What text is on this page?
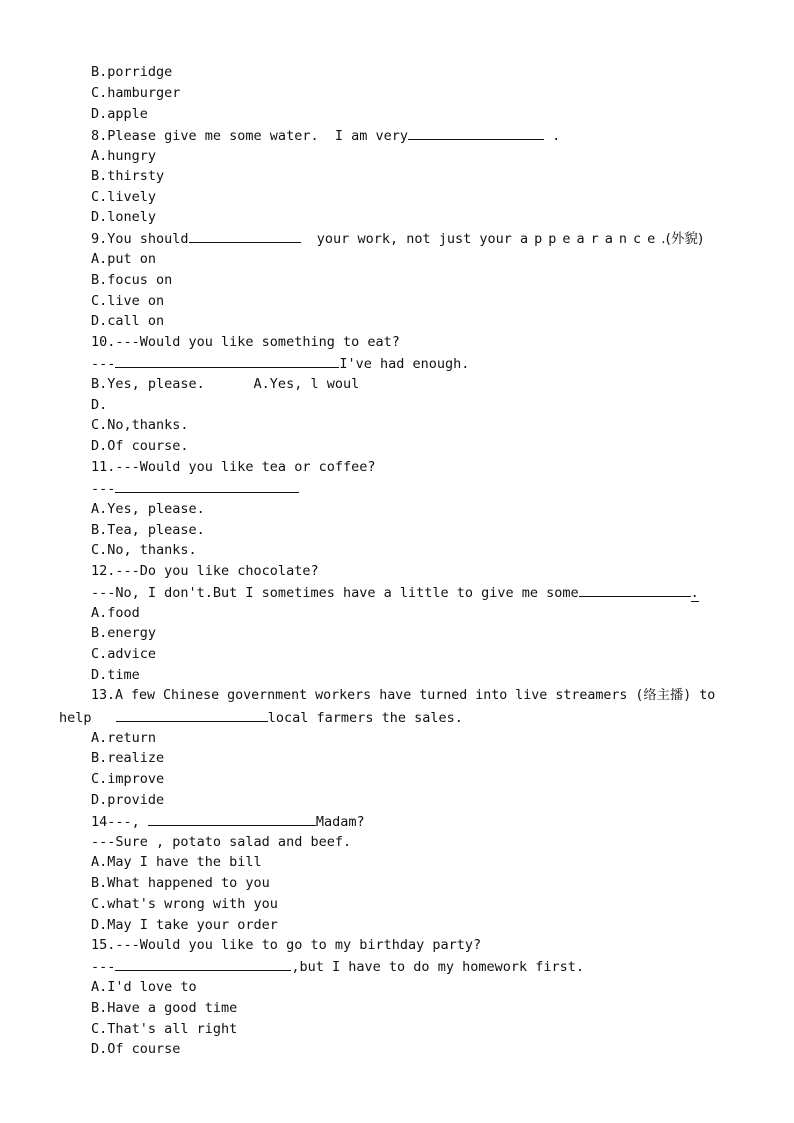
B.porridge
C.hamburger
D.apple
8.Please give me some water.  I am very	.
A.hungry
B.thirsty
C.lively
D.lonely
9.You should	your work, not just your appearance.(外貌)
A.put on
B.focus on
C.live on
D.call on
10.---Would you like something to eat?
---	I've had enough.
B.Yes, please.      A.Yes, l woul
D.
C.No,thanks.
D.Of course.
11.---Would you like tea or coffee?
---
A.Yes, please.
B.Tea, please.
C.No, thanks.
12.---Do you like chocolate?
---No, I don't.But I sometimes have a little to give me some	.
A.food
B.energy
C.advice
D.time
13.A few Chinese government workers have turned into live streamers (络主播) to
help	local farmers the sales.
A.return
B.realize
C.improve
D.provide
14---,	Madam?
---Sure , potato salad and beef.
A.May I have the bill
B.What happened to you
C.what's wrong with you
D.May I take your order
15.---Would you like to go to my birthday party?
---	,but I have to do my homework first.
A.I'd love to
B.Have a good time
C.That's all right
D.Of course
